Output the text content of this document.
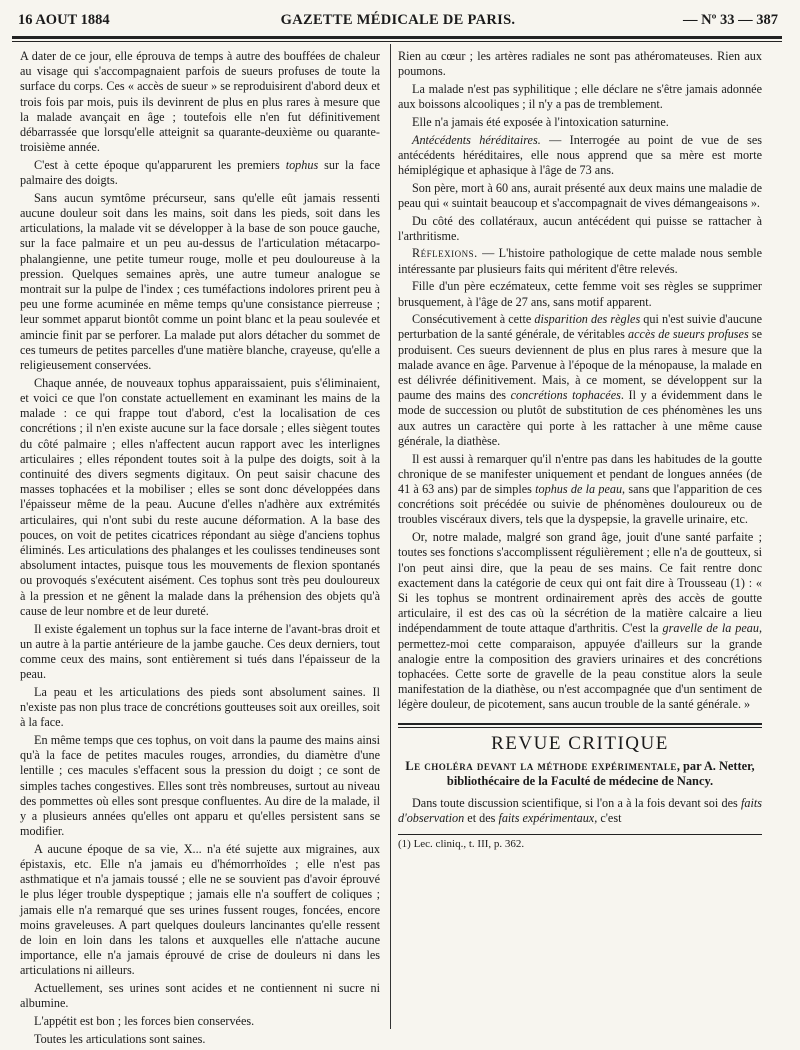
16 AOUT 1884	GAZETTE MÉDICALE DE PARIS.	— Nº 33 — 387

A dater de ce jour, elle éprouva de temps à autre des bouffées de chaleur au visage qui s'accompagnaient parfois de sueurs profuses de toute la surface du corps. Ces « accès de sueur » se reproduisirent d'abord deux et trois fois par mois, puis ils devinrent de plus en plus rares à mesure que la malade avançait en âge ; toutefois elle n'en fut définitivement débarrassée que lorsqu'elle atteignit sa quarante-deuxième ou quarante-troisième année.

C'est à cette époque qu'apparurent les premiers tophus sur la face palmaire des doigts.

Sans aucun symtôme précurseur, sans qu'elle eût jamais ressenti aucune douleur soit dans les mains, soit dans les pieds, soit dans les articulations, la malade vit se développer à la base de son pouce gauche, sur la face palmaire et un peu au-dessus de l'articulation métacarpo-phalangienne, une petite tumeur rouge, molle et peu douloureuse à la pression. Quelques semaines après, une autre tumeur analogue se montrait sur la pulpe de l'index ; ces tuméfactions indolores prirent peu à peu une forme acuminée en même temps qu'une consistance pierreuse ; leur sommet apparut biontôt comme un point blanc et la peau soulevée et amincie finit par se perforer. La malade put alors détacher du sommet de ces tumeurs de petites parcelles d'une matière blanche, crayeuse, qu'elle a religieusement conservées.

Chaque année, de nouveaux tophus apparaissaient, puis s'éliminaient, et voici ce que l'on constate actuellement en examinant les mains de la malade : ce qui frappe tout d'abord, c'est la localisation de ces concrétions ; il n'en existe aucune sur la face dorsale ; elles siègent toutes du côté palmaire ; elles n'affectent aucun rapport avec les interlignes articulaires ; elles répondent toutes soit à la pulpe des doigts, soit à la continuité des divers segments digitaux. On peut saisir chacune des masses tophacées et la mobiliser ; elles se sont donc développées dans l'épaisseur même de la peau. Aucune d'elles n'adhère aux extrémités articulaires, qui n'ont subi du reste aucune déformation. A la base des pouces, on voit de petites cicatrices répondant au siège d'anciens tophus éliminés. Les articulations des phalanges et les coulisses tendineuses sont absolument intactes, puisque tous les mouvements de flexion spontanés ou provoqués s'exécutent aisément. Ces tophus sont très peu douloureux à la pression et ne gênent la malade dans la préhension des objets qu'à cause de leur nombre et de leur dureté.

Il existe également un tophus sur la face interne de l'avant-bras droit et un autre à la partie antérieure de la jambe gauche. Ces deux derniers, tout comme ceux des mains, sont entièrement si tués dans l'épaisseur de la peau.

La peau et les articulations des pieds sont absolument saines. Il n'existe pas non plus trace de concrétions goutteuses soit aux oreilles, soit à la face.

En même temps que ces tophus, on voit dans la paume des mains ainsi qu'à la face de petites macules rouges, arrondies, du diamètre d'une lentille ; ces macules s'effacent sous la pression du doigt ; ce sont de simples taches congestives. Elles sont très nombreuses, surtout au niveau des pommettes où elles sont presque confluentes. Au dire de la malade, il y a plusieurs années qu'elles ont apparu et qu'elles persistent sans se modifier.

A aucune époque de sa vie, X... n'a été sujette aux migraines, aux épistaxis, etc. Elle n'a jamais eu d'hémorrhoïdes ; elle n'est pas asthmatique et n'a jamais toussé ; elle ne se souvient pas d'avoir éprouvé le plus léger trouble dyspeptique ; jamais elle n'a souffert de coliques ; jamais elle n'a remarqué que ses urines fussent rouges, foncées, encore moins graveleuses. A part quelques douleurs lancinantes qu'elle ressent de loin en loin dans les talons et auxquelles elle n'attache aucune importance, elle n'a jamais éprouvé de crise de douleurs ni dans les articulations ni ailleurs.

Actuellement, ses urines sont acides et ne contiennent ni sucre ni albumine.

L'appétit est bon ; les forces bien conservées.

Toutes les articulations sont saines.

Rien au cœur ; les artères radiales ne sont pas athéromateuses. Rien aux poumons.

La malade n'est pas syphilitique ; elle déclare ne s'être jamais adonnée aux boissons alcooliques ; il n'y a pas de tremblement.

Elle n'a jamais été exposée à l'intoxication saturnine.

Antécédents héréditaires. — Interrogée au point de vue de ses antécédents héréditaires, elle nous apprend que sa mère est morte hémiplégique et aphasique à l'âge de 73 ans.

Son père, mort à 60 ans, aurait présenté aux deux mains une maladie de peau qui « suintait beaucoup et s'accompagnait de vives démangeaisons ».

Du côté des collatéraux, aucun antécédent qui puisse se rattacher à l'arthritisme.

Réflexions. — L'histoire pathologique de cette malade nous semble intéressante par plusieurs faits qui méritent d'être relevés.

Fille d'un père eczémateux, cette femme voit ses règles se supprimer brusquement, à l'âge de 27 ans, sans motif apparent.

Consécutivement à cette disparition des règles qui n'est suivie d'aucune perturbation de la santé générale, de véritables accès de sueurs profuses se produisent. Ces sueurs deviennent de plus en plus rares à mesure que la malade avance en âge. Parvenue à l'époque de la ménopause, la malade en est délivrée définitivement. Mais, à ce moment, se développent sur la paume des mains des concrétions tophacées. Il y a évidemment dans le mode de succession ou plutôt de substitution de ces phénomènes les uns aux autres un caractère qui porte à les rattacher à une même cause générale, la diathèse.

Il est aussi à remarquer qu'il n'entre pas dans les habitudes de la goutte chronique de se manifester uniquement et pendant de longues années (de 41 à 63 ans) par de simples tophus de la peau, sans que l'apparition de ces concrétions soit précédée ou suivie de phénomènes douloureux ou de troubles viscéraux divers, tels que la dyspepsie, la gravelle urinaire, etc.

Or, notre malade, malgré son grand âge, jouit d'une santé parfaite ; toutes ses fonctions s'accomplissent régulièrement ; elle n'a de goutteux, si l'on peut ainsi dire, que la peau de ses mains. Ce fait rentre donc exactement dans la catégorie de ceux qui ont fait dire à Trousseau (1) : « Si les tophus se montrent ordinairement après des accès de goutte articulaire, il est des cas où la sécrétion de la matière calcaire a lieu indépendamment de toute attaque d'arthritis. C'est la gravelle de la peau, permettez-moi cette comparaison, appuyée d'ailleurs sur la grande analogie entre la composition des graviers urinaires et des concrétions tophacées. Cette sorte de gravelle de la peau constitue alors la seule manifestation de la diathèse, ou n'est accompagnée que d'un sentiment de légère douleur, de picotement, sans aucun trouble de la santé générale. »

REVUE CRITIQUE
Le choléra devant la méthode expérimentale, par A. Netter, bibliothécaire de la Faculté de médecine de Nancy.

Dans toute discussion scientifique, si l'on a à la fois devant soi des faits d'observation et des faits expérimentaux, c'est

(1) Lec. cliniq., t. III, p. 362.
